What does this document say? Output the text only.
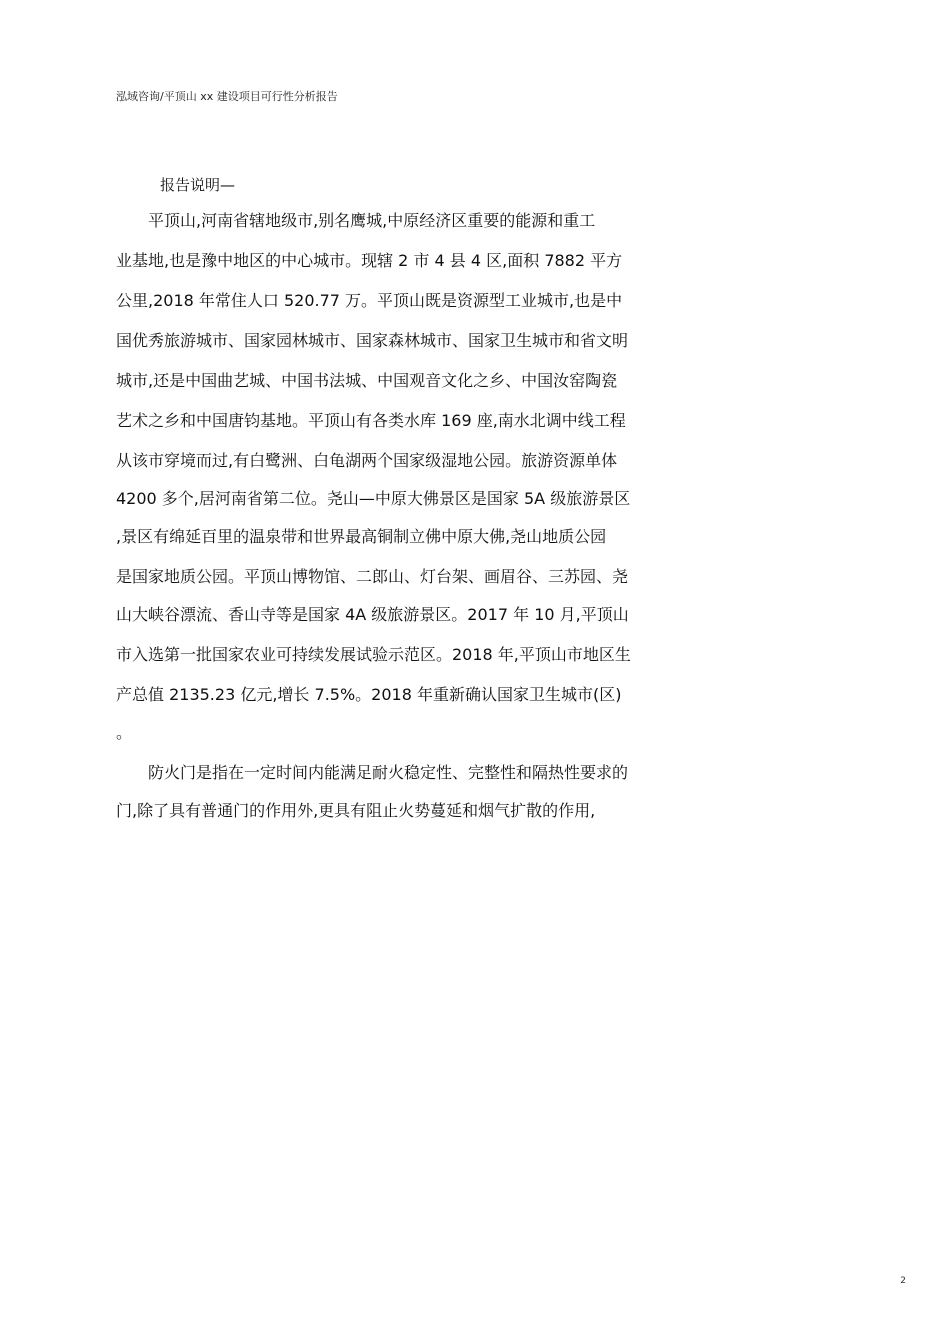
泓域咨询/平顶山 xx 建设项目可行性分析报告
报告说明—
平顶山,河南省辖地级市,别名鹰城,中原经济区重要的能源和重工
业基地,也是豫中地区的中心城市。现辖 2 市 4 县 4 区,面积 7882 平方
公里,2018 年常住人口 520.77 万。平顶山既是资源型工业城市,也是中
国优秀旅游城市、国家园林城市、国家森林城市、国家卫生城市和省文明
城市,还是中国曲艺城、中国书法城、中国观音文化之乡、中国汝窑陶瓷
艺术之乡和中国唐钧基地。平顶山有各类水库 169 座,南水北调中线工程
从该市穿境而过,有白鹭洲、白龟湖两个国家级湿地公园。旅游资源单体
4200 多个,居河南省第二位。尧山—中原大佛景区是国家 5A 级旅游景区
,景区有绵延百里的温泉带和世界最高铜制立佛中原大佛,尧山地质公园
是国家地质公园。平顶山博物馆、二郎山、灯台架、画眉谷、三苏园、尧
山大峡谷漂流、香山寺等是国家 4A 级旅游景区。2017 年 10 月,平顶山
市入选第一批国家农业可持续发展试验示范区。2018 年,平顶山市地区生
产总值 2135.23 亿元,增长 7.5%。2018 年重新确认国家卫生城市(区)
。
防火门是指在一定时间内能满足耐火稳定性、完整性和隔热性要求的
门,除了具有普通门的作用外,更具有阻止火势蔓延和烟气扩散的作用,
2
